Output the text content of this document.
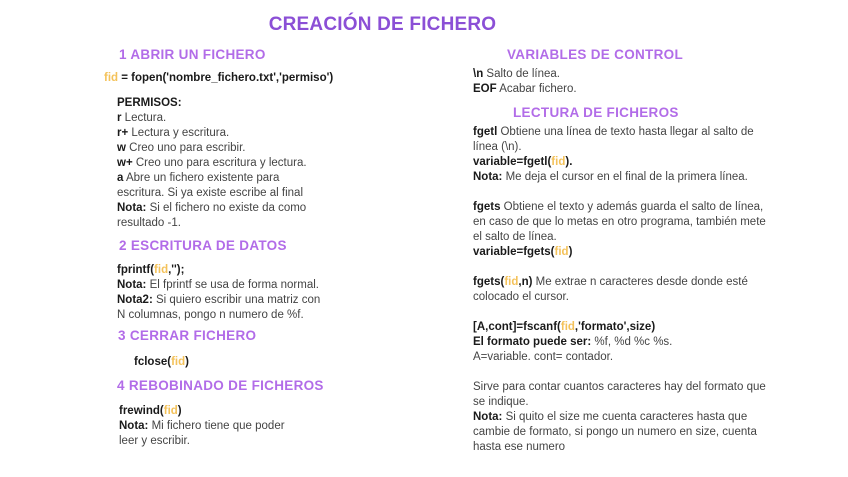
CREACIÓN DE FICHERO
1 ABRIR UN FICHERO
fid = fopen('nombre_fichero.txt','permiso')

PERMISOS:

r Lectura.

r+ Lectura y escritura.

w Creo uno para escribir.

w+ Creo uno para escritura y lectura.

a Abre un fichero existente para

escritura. Si ya existe escribe al final

Nota: Si el fichero no existe da como

resultado -1.

2 ESCRITURA DE DATOS

fprintf(fid,'');

Nota: El fprintf se usa de forma normal.

Nota2: Si quiero escribir una matriz con

N columnas, pongo n numero de %f.

3 CERRAR FICHERO
fclose(fid)
4 REBOBINADO DE FICHEROS

frewind(fid)

Nota: Mi fichero tiene que poder

leer y escribir.

VARIABLES DE CONTROL

\n Salto de línea.

EOF Acabar fichero.

LECTURA DE FICHEROS

fgetl Obtiene una línea de texto hasta llegar al salto de

línea (\n).

variable=fgetl(fid).

Nota: Me deja el cursor en el final de la primera línea.

fgets Obtiene el texto y además guarda el salto de línea,

en caso de que lo metas en otro programa, también mete

el salto de línea.

variable=fgets(fid)

fgets(fid,n) Me extrae n caracteres desde donde esté

colocado el cursor.

[A,cont]=fscanf(fid,'formato',size)

El formato puede ser: %f, %d %c %s.

A=variable. cont= contador.

Sirve para contar cuantos caracteres hay del formato que

se indique.

Nota: Si quito el size me cuenta caracteres hasta que

cambie de formato, si pongo un numero en size, cuenta

hasta ese numero
